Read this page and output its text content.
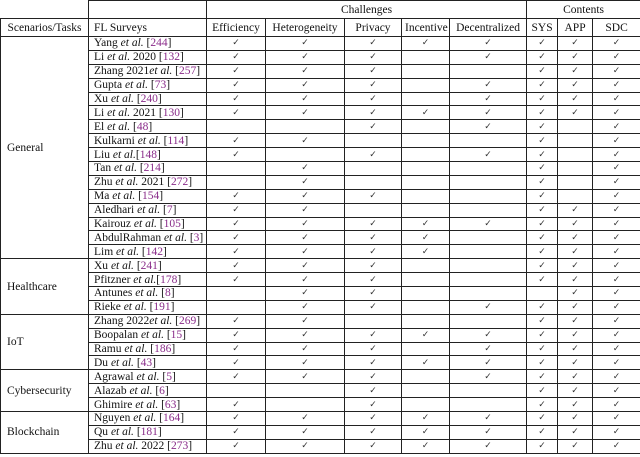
		Challenges					Contents		
Scenarios/Tasks	FL Surveys	Efficiency	Heterogeneity	Privacy	Incentive	Decentralized	SYS	APP	SDC
General	Yang et al. [244]	✓	✓	✓	✓	✓	✓	✓	✓
	Li et al. 2020 [132]	✓	✓	✓		✓	✓	✓	✓
	Zhang 2021et al. [257]	✓	✓	✓			✓	✓	✓
	Gupta et al. [73]	✓	✓	✓		✓	✓	✓	✓
	Xu et al. [240]	✓	✓	✓		✓	✓	✓	✓
	Li et al. 2021 [130]	✓	✓	✓	✓	✓	✓	✓	✓
	El et al. [48]			✓		✓	✓		✓
	Kulkarni et al. [114]	✓	✓				✓		✓
	Liu et al.[148]	✓		✓		✓	✓		✓
	Tan et al. [214]		✓				✓		✓
	Zhu et al. 2021 [272]		✓				✓		✓
	Ma et al. [154]	✓	✓	✓			✓		✓
	Aledhari et al. [7]	✓	✓				✓	✓	✓
	Kairouz et al. [105]	✓	✓	✓	✓	✓	✓	✓	✓
	AbdulRahman et al. [3]	✓	✓	✓	✓		✓	✓	✓
	Lim et al. [142]	✓	✓	✓	✓		✓	✓	✓
Healthcare	Xu et al. [241]	✓	✓	✓			✓	✓	✓
	Pfitzner et al.[178]	✓	✓	✓			✓	✓	✓
	Antunes et al. [8]		✓	✓				✓	✓
	Rieke et al. [191]		✓	✓		✓	✓	✓	✓
IoT	Zhang 2022et al. [269]	✓	✓				✓	✓	✓
	Boopalan et al. [15]	✓	✓	✓	✓	✓	✓	✓	✓
	Ramu et al. [186]	✓	✓	✓		✓	✓	✓	✓
	Du et al. [43]	✓	✓	✓	✓	✓	✓	✓	✓
Cybersecurity	Agrawal et al. [5]	✓	✓	✓		✓	✓	✓	✓
	Alazab et al. [6]			✓			✓	✓	✓
	Ghimire et al. [63]	✓		✓			✓	✓	✓
Blockchain	Nguyen et al. [164]	✓	✓	✓	✓	✓	✓	✓	✓
	Qu et al. [181]	✓	✓	✓	✓	✓	✓	✓	✓
	Zhu et al. 2022 [273]	✓	✓	✓	✓	✓	✓	✓	✓
